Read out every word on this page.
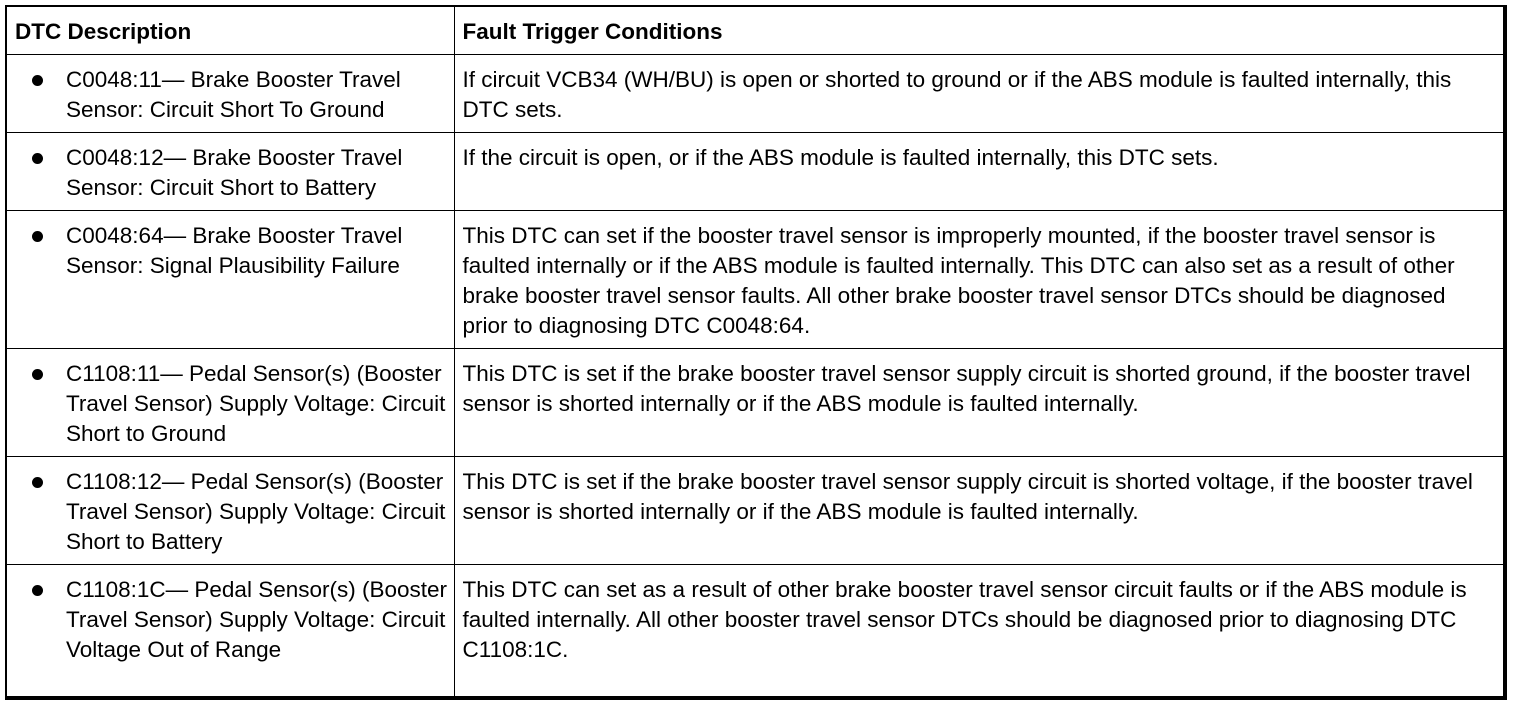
DTC Description	Fault Trigger Conditions

C0048:11— Brake Booster Travel Sensor: Circuit Short To Ground	If circuit VCB34 (WH/BU) is open or shorted to ground or if the ABS module is faulted internally, this DTC sets.

C0048:12— Brake Booster Travel Sensor: Circuit Short to Battery	If the circuit is open, or if the ABS module is faulted internally, this DTC sets.

C0048:64— Brake Booster Travel Sensor: Signal Plausibility Failure	This DTC can set if the booster travel sensor is improperly mounted, if the booster travel sensor is faulted internally or if the ABS module is faulted internally. This DTC can also set as a result of other brake booster travel sensor faults. All other brake booster travel sensor DTCs should be diagnosed prior to diagnosing DTC C0048:64.

C1108:11— Pedal Sensor(s) (Booster Travel Sensor) Supply Voltage: Circuit Short to Ground	This DTC is set if the brake booster travel sensor supply circuit is shorted ground, if the booster travel sensor is shorted internally or if the ABS module is faulted internally.

C1108:12— Pedal Sensor(s) (Booster Travel Sensor) Supply Voltage: Circuit Short to Battery	This DTC is set if the brake booster travel sensor supply circuit is shorted voltage, if the booster travel sensor is shorted internally or if the ABS module is faulted internally.

C1108:1C— Pedal Sensor(s) (Booster Travel Sensor) Supply Voltage: Circuit Voltage Out of Range	This DTC can set as a result of other brake booster travel sensor circuit faults or if the ABS module is faulted internally. All other booster travel sensor DTCs should be diagnosed prior to diagnosing DTC C1108:1C.
